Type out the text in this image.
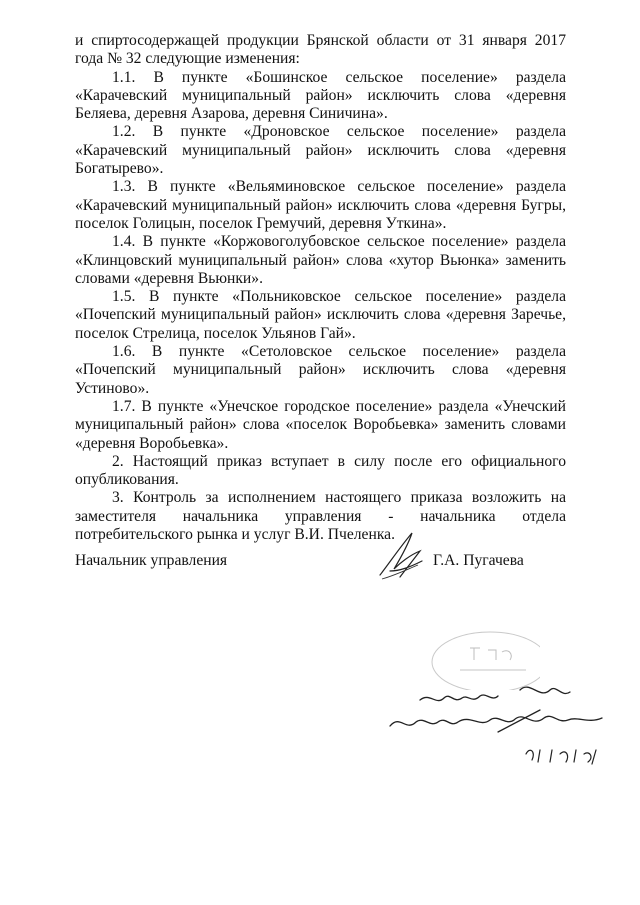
и спиртосодержащей продукции Брянской области от 31 января 2017 года № 32 следующие изменения:

1.1. В пункте «Бошинское сельское поселение» раздела «Карачевский муниципальный район» исключить слова «деревня Беляева, деревня Азарова, деревня Синичина».

1.2. В пункте «Дроновское сельское поселение» раздела «Карачевский муниципальный район» исключить слова «деревня Богатырево».

1.3. В пункте «Вельяминовское сельское поселение» раздела «Карачевский муниципальный район» исключить слова «деревня Бугры, поселок Голицын, поселок Гремучий, деревня Уткина».

1.4. В пункте «Коржовоголубовское сельское поселение» раздела «Клинцовский муниципальный район» слова «хутор Вьюнка» заменить словами «деревня Вьюнки».

1.5. В пункте «Польниковское сельское поселение» раздела «Почепский муниципальный район» исключить слова «деревня Заречье, поселок Стрелица, поселок Ульянов Гай».

1.6. В пункте «Сетоловское сельское поселение» раздела «Почепский муниципальный район» исключить слова «деревня Устиново».

1.7. В пункте «Унечское городское поселение» раздела «Унечский муниципальный район» слова «поселок Воробьевка» заменить словами «деревня Воробьевка».

2. Настоящий приказ вступает в силу после его официального опубликования.

3. Контроль за исполнением настоящего приказа возложить на заместителя начальника управления - начальника отдела потребительского рынка и услуг В.И. Пчеленка.

Начальник управления	Г.А. Пугачева
